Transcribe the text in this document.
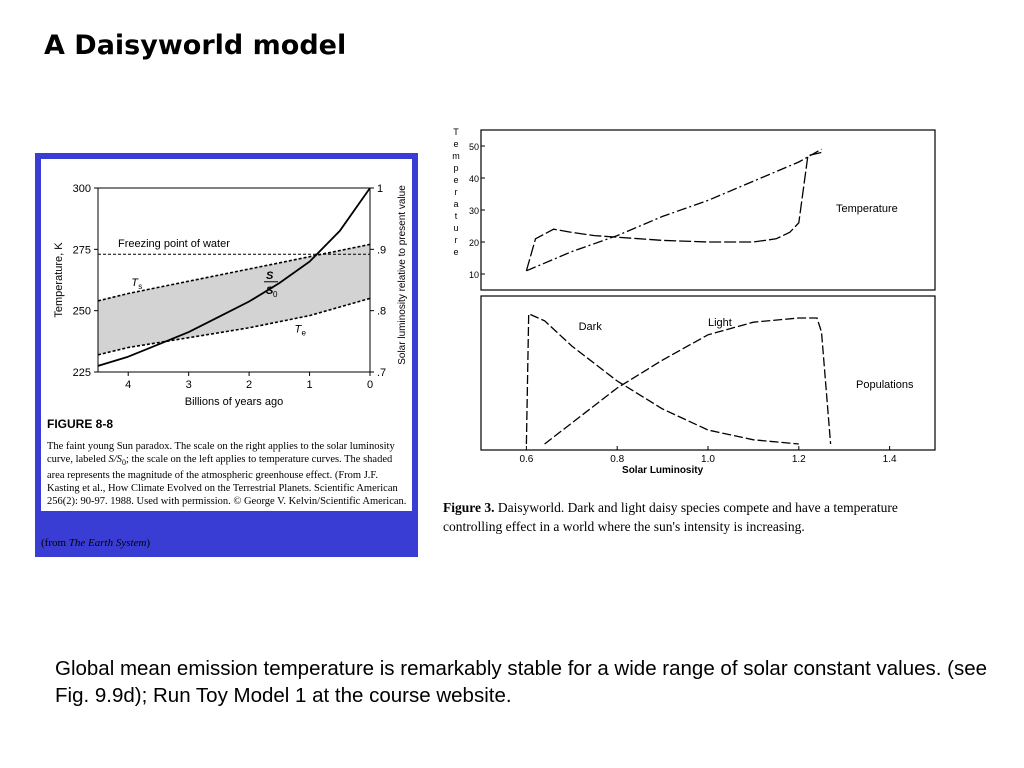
A Daisyworld model
225
250
275
300
.7
.8
.9
1
4	3	2	1	0
Billions of years ago
Temperature, K	Solar luminosity relative to present value
Freezing point of water
T s
T e
S
S 0
FIGURE 8-8
The faint young Sun paradox. The scale on the right applies to the solar luminosity curve, labeled $S/S_0$; the scale on the left applies to temperature curves. The shaded area represents the magnitude of the atmospheric greenhouse effect. (From J.F. Kasting et al., How Climate Evolved on the Terrestrial Planets. Scientific American 256(2): 90-97. 1988. Used with permission. © George V. Kelvin/Scientific American.
(from The Earth System)
10
20
30
40
50
T
e
m
p
e
r
a
t
u
r
e
Temperature
Dark	Light
Populations
0.6	0.8	1.0	1.2	1.4
Solar Luminosity
Figure 3. Daisyworld. Dark and light daisy species compete and have a temperature controlling effect in a world where the sun's intensity is increasing.

Global mean emission temperature is remarkably stable for a wide range of solar constant values. (see Fig. 9.9d); Run Toy Model 1 at the course website.
